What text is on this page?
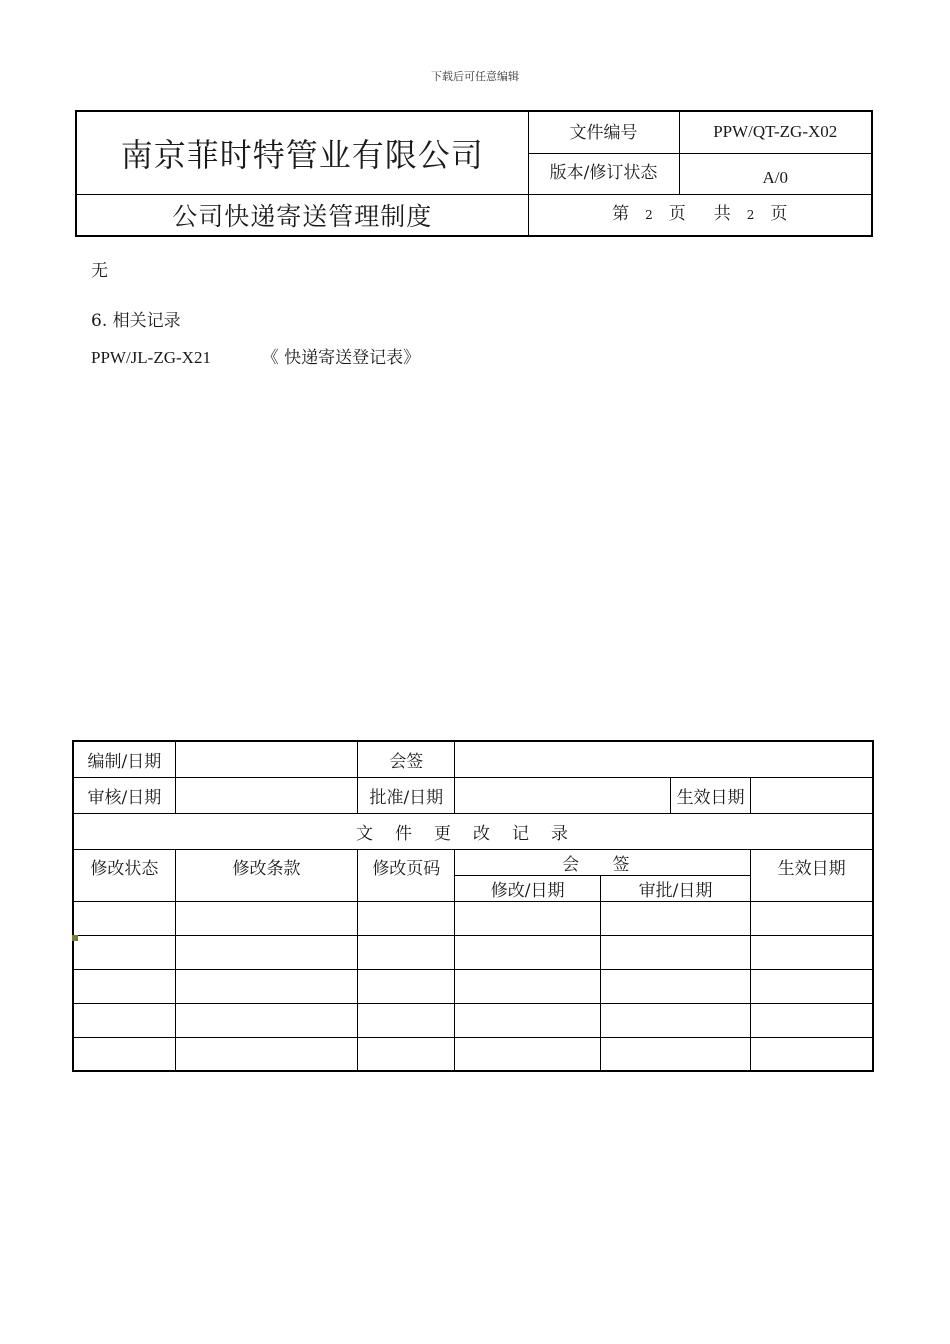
下载后可任意编辑
南京菲时特管业有限公司	文件编号	PPW/QT-ZG-X02
	版本/修订状态	A/0
公司快递寄送管理制度	第 2 页 共 2 页	
无
6. 相关记录
PPW/JL-ZG-X21	《 快递寄送登记表》
编制/日期		会签				
审核/日期		批准/日期			生效日期	
文件更改记录						
修改状态	修改条款	修改页码	会 签			生效日期
			修改/日期	审批/日期		
